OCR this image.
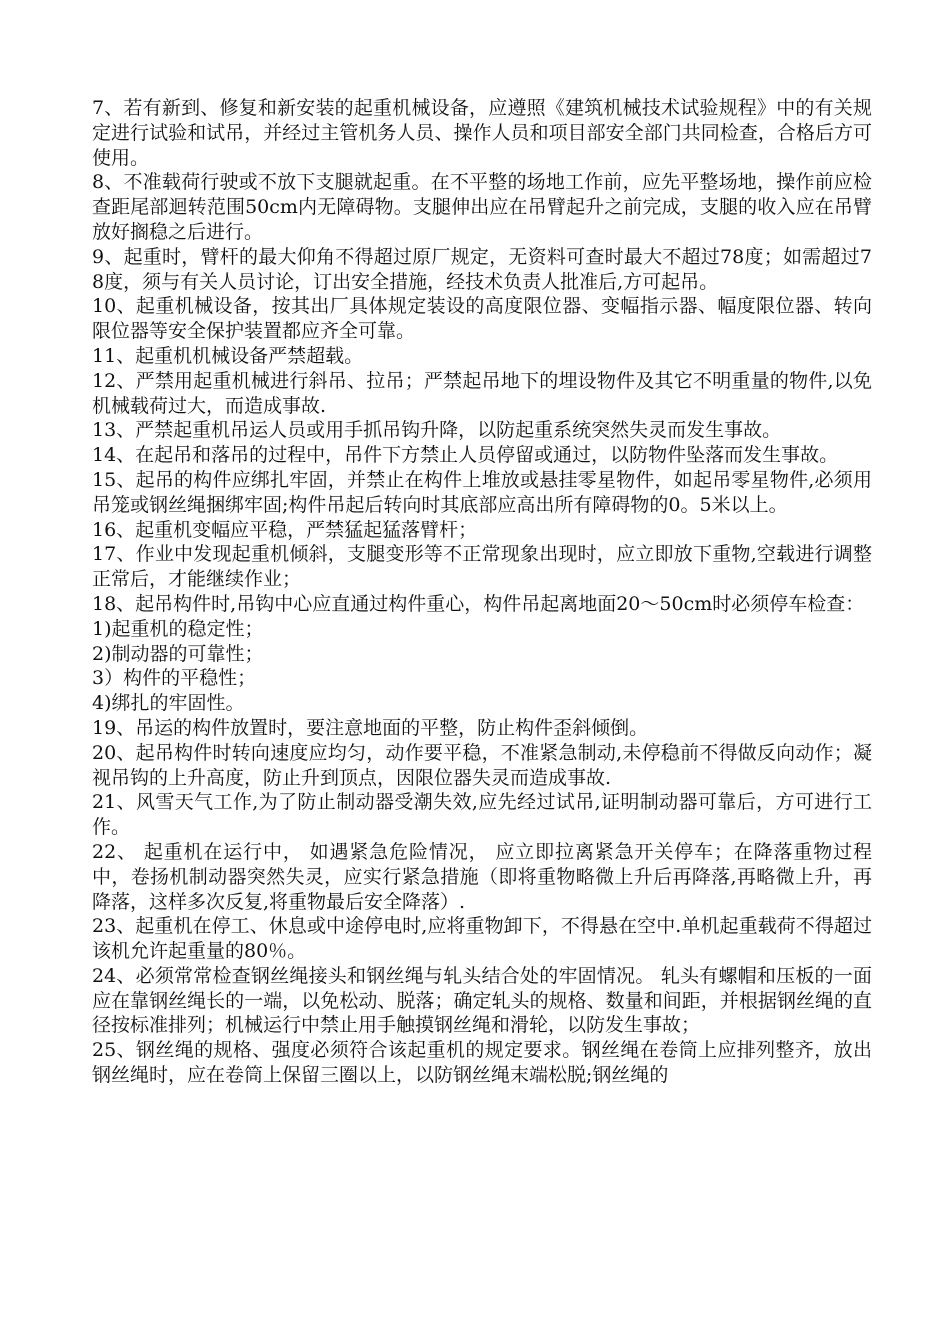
7、若有新到、修复和新安装的起重机械设备，应遵照《建筑机械技术试验规程》中的有关规定进行试验和试吊，并经过主管机务人员、操作人员和项目部安全部门共同检查，合格后方可使用。

8、不准载荷行驶或不放下支腿就起重。在不平整的场地工作前，应先平整场地，操作前应检查距尾部迴转范围50cm内无障碍物。支腿伸出应在吊臂起升之前完成，支腿的收入应在吊臂放好搁稳之后进行。

9、起重时，臂杆的最大仰角不得超过原厂规定，无资料可查时最大不超过78度；如需超过78度，须与有关人员讨论，订出安全措施，经技术负责人批准后,方可起吊。

10、起重机械设备，按其出厂具体规定装设的高度限位器、变幅指示器、幅度限位器、转向限位器等安全保护装置都应齐全可靠。

11、起重机机械设备严禁超载。

12、严禁用起重机械进行斜吊、拉吊；严禁起吊地下的埋设物件及其它不明重量的物件,以免机械载荷过大，而造成事故.

13、严禁起重机吊运人员或用手抓吊钩升降，以防起重系统突然失灵而发生事故。

14、在起吊和落吊的过程中，吊件下方禁止人员停留或通过，以防物件坠落而发生事故。

15、起吊的构件应绑扎牢固，并禁止在构件上堆放或悬挂零星物件，如起吊零星物件,必须用吊笼或钢丝绳捆绑牢固;构件吊起后转向时其底部应高出所有障碍物的0。5米以上。

16、起重机变幅应平稳，严禁猛起猛落臂杆；

17、作业中发现起重机倾斜，支腿变形等不正常现象出现时，应立即放下重物,空载进行调整正常后，才能继续作业；

18、起吊构件时,吊钩中心应直通过构件重心，构件吊起离地面20～50cm时必须停车检查：

1)起重机的稳定性；

2)制动器的可靠性；

3）构件的平稳性；

4)绑扎的牢固性。

19、吊运的构件放置时，要注意地面的平整，防止构件歪斜倾倒。

20、起吊构件时转向速度应均匀，动作要平稳，不准紧急制动,未停稳前不得做反向动作；凝视吊钩的上升高度，防止升到顶点，因限位器失灵而造成事故.

21、风雪天气工作,为了防止制动器受潮失效,应先经过试吊,证明制动器可靠后，方可进行工作。

22、 起重机在运行中， 如遇紧急危险情况， 应立即拉离紧急开关停车；在降落重物过程中，卷扬机制动器突然失灵，应实行紧急措施（即将重物略微上升后再降落,再略微上升，再降落，这样多次反复,将重物最后安全降落）.

23、起重机在停工、休息或中途停电时,应将重物卸下，不得悬在空中.单机起重载荷不得超过该机允许起重量的80％。

24、必须常常检查钢丝绳接头和钢丝绳与轧头结合处的牢固情况。 轧头有螺帽和压板的一面应在靠钢丝绳长的一端，以免松动、脱落；确定轧头的规格、数量和间距，并根据钢丝绳的直径按标准排列；机械运行中禁止用手触摸钢丝绳和滑轮，以防发生事故；

25、钢丝绳的规格、强度必须符合该起重机的规定要求。钢丝绳在卷筒上应排列整齐，放出钢丝绳时，应在卷筒上保留三圈以上，以防钢丝绳末端松脱;钢丝绳的
